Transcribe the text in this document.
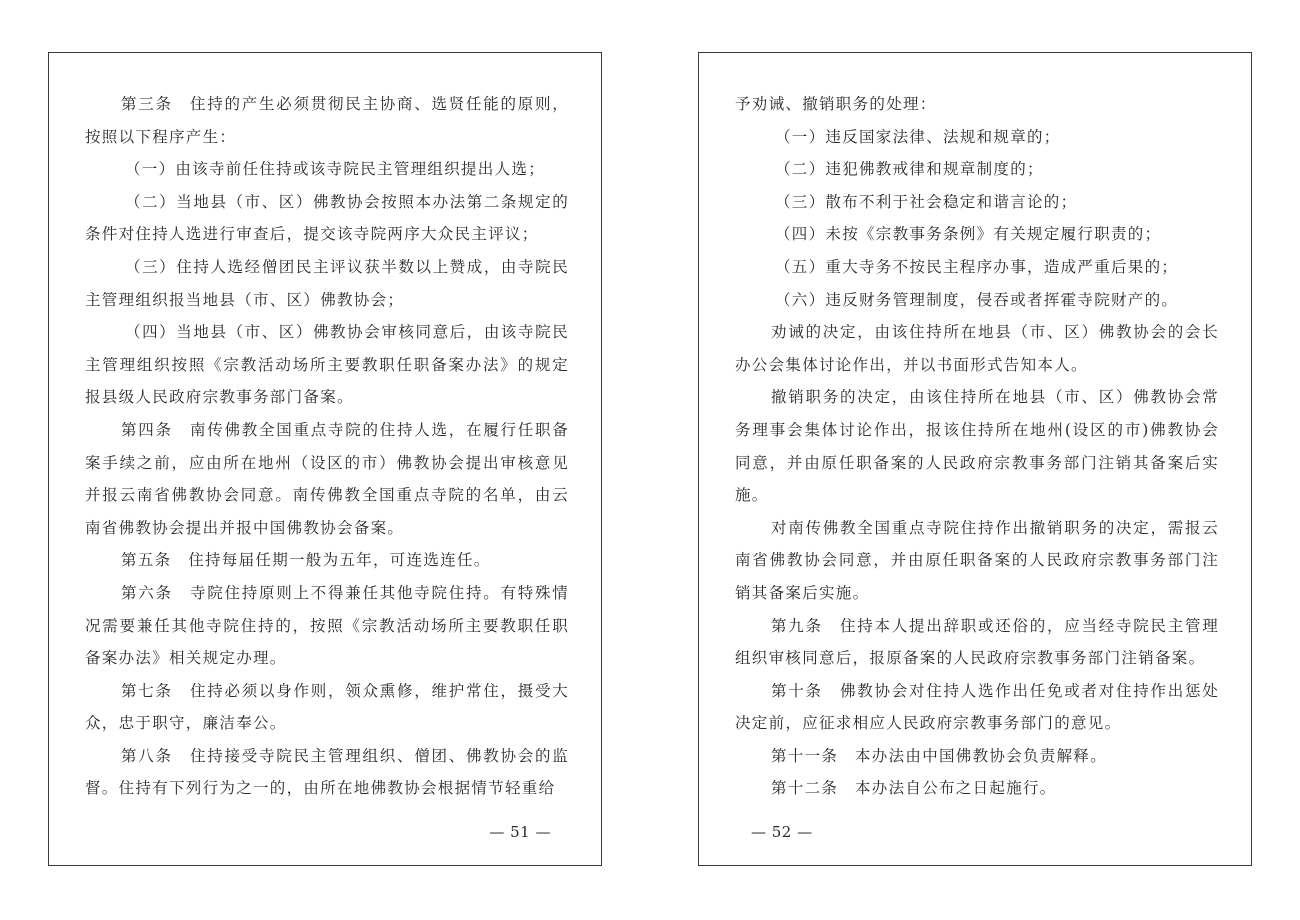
第三条　住持的产生必须贯彻民主协商、选贤任能的原则，按照以下程序产生：

（一）由该寺前任住持或该寺院民主管理组织提出人选；

（二）当地县（市、区）佛教协会按照本办法第二条规定的条件对住持人选进行审查后，提交该寺院两序大众民主评议；

（三）住持人选经僧团民主评议获半数以上赞成，由寺院民主管理组织报当地县（市、区）佛教协会；

（四）当地县（市、区）佛教协会审核同意后，由该寺院民主管理组织按照《宗教活动场所主要教职任职备案办法》的规定报县级人民政府宗教事务部门备案。

第四条　南传佛教全国重点寺院的住持人选，在履行任职备案手续之前，应由所在地州（设区的市）佛教协会提出审核意见并报云南省佛教协会同意。南传佛教全国重点寺院的名单，由云南省佛教协会提出并报中国佛教协会备案。

第五条　住持每届任期一般为五年，可连选连任。

第六条　寺院住持原则上不得兼任其他寺院住持。有特殊情况需要兼任其他寺院住持的，按照《宗教活动场所主要教职任职备案办法》相关规定办理。

第七条　住持必须以身作则，领众熏修，维护常住，摄受大众，忠于职守，廉洁奉公。

第八条　住持接受寺院民主管理组织、僧团、佛教协会的监督。住持有下列行为之一的，由所在地佛教协会根据情节轻重给

— 51 —

予劝诫、撤销职务的处理：

（一）违反国家法律、法规和规章的；

（二）违犯佛教戒律和规章制度的；

（三）散布不利于社会稳定和谐言论的；

（四）未按《宗教事务条例》有关规定履行职责的；

（五）重大寺务不按民主程序办事，造成严重后果的；

（六）违反财务管理制度，侵吞或者挥霍寺院财产的。

劝诫的决定，由该住持所在地县（市、区）佛教协会的会长办公会集体讨论作出，并以书面形式告知本人。

撤销职务的决定，由该住持所在地县（市、区）佛教协会常务理事会集体讨论作出，报该住持所在地州(设区的市)佛教协会同意，并由原任职备案的人民政府宗教事务部门注销其备案后实施。

对南传佛教全国重点寺院住持作出撤销职务的决定，需报云南省佛教协会同意，并由原任职备案的人民政府宗教事务部门注销其备案后实施。

第九条　住持本人提出辞职或还俗的，应当经寺院民主管理组织审核同意后，报原备案的人民政府宗教事务部门注销备案。

第十条　佛教协会对住持人选作出任免或者对住持作出惩处决定前，应征求相应人民政府宗教事务部门的意见。

第十一条　本办法由中国佛教协会负责解释。

第十二条　本办法自公布之日起施行。

— 52 —
